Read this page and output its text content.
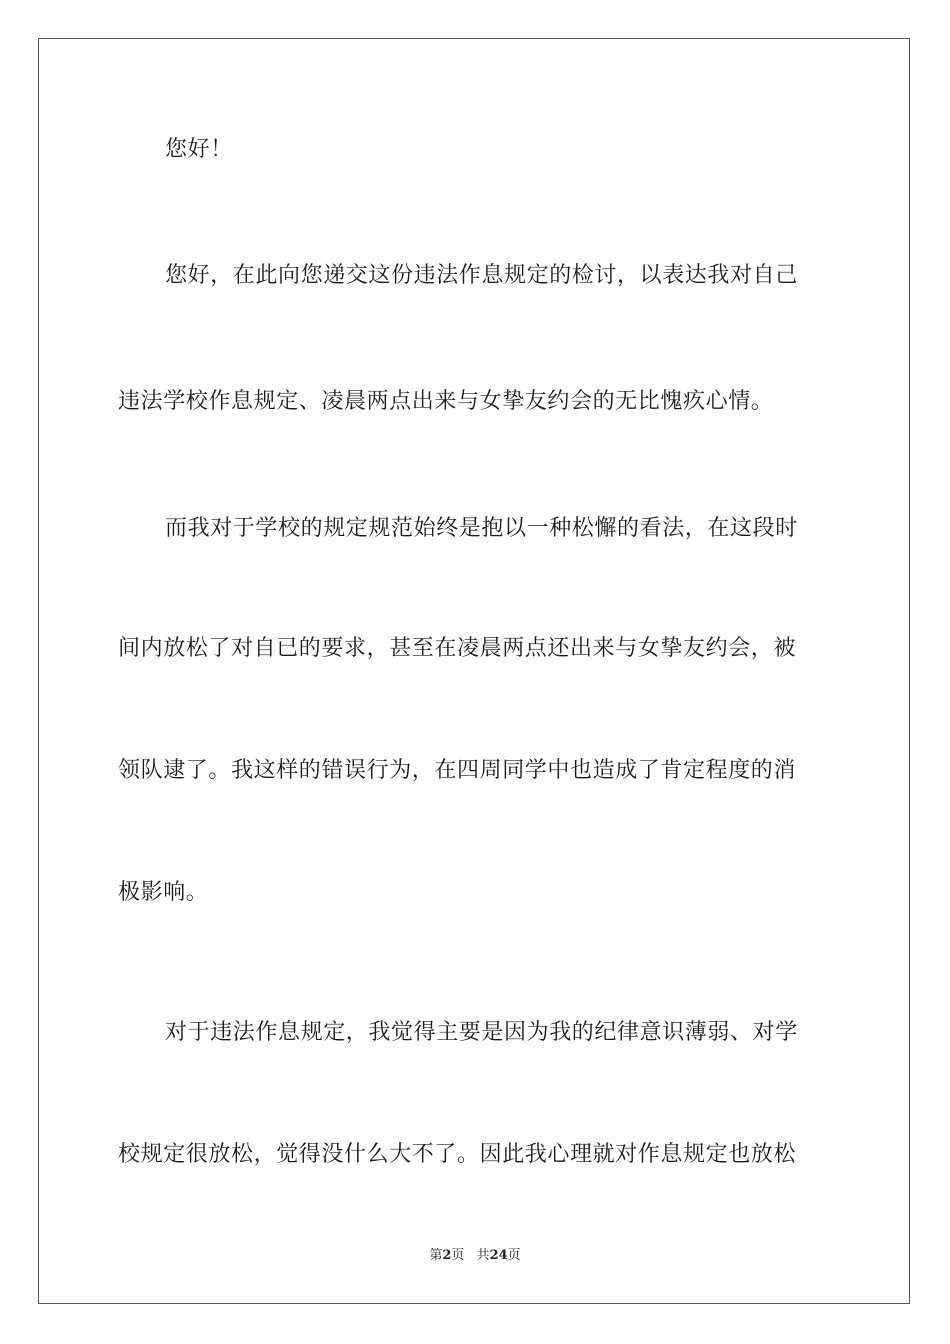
您好！
您好，在此向您递交这份违法作息规定的检讨，以表达我对自己
违法学校作息规定、凌晨两点出来与女挚友约会的无比愧疚心情。
而我对于学校的规定规范始终是抱以一种松懈的看法，在这段时
间内放松了对自已的要求，甚至在凌晨两点还出来与女挚友约会，被
领队逮了。我这样的错误行为，在四周同学中也造成了肯定程度的消
极影响。
对于违法作息规定，我觉得主要是因为我的纪律意识薄弱、对学
校规定很放松，觉得没什么大不了。因此我心理就对作息规定也放松
第2页 共24页
